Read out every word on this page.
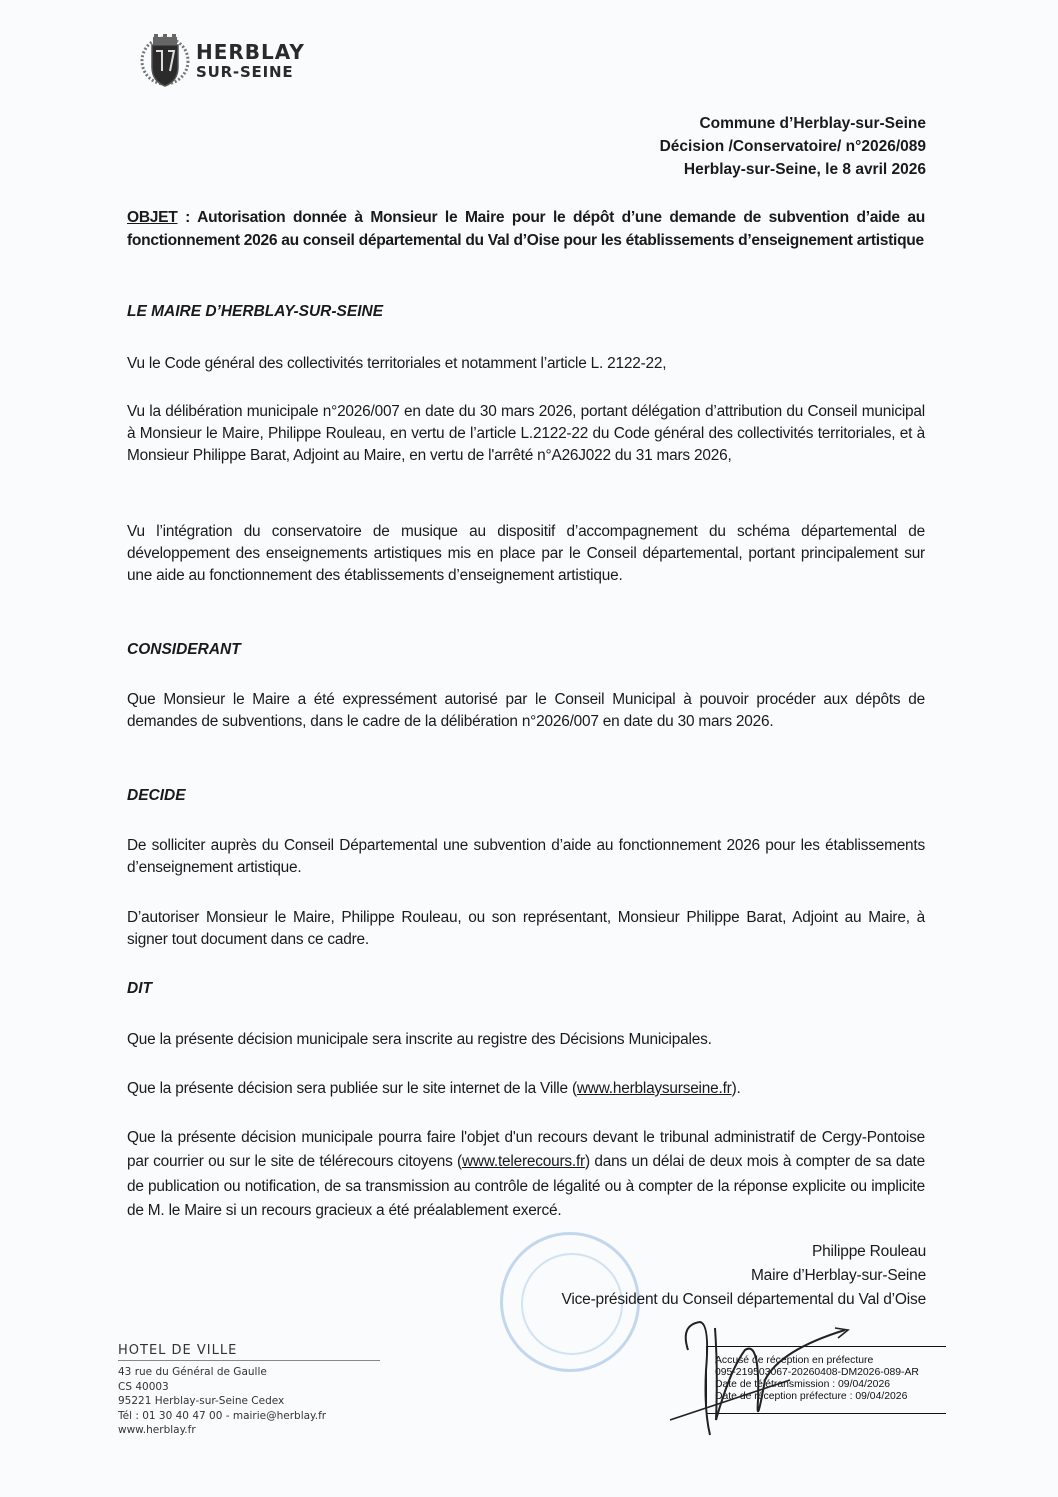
HERBLAY
SUR-SEINE
Commune d’Herblay-sur-Seine
Décision /Conservatoire/ n°2026/089
Herblay-sur-Seine, le 8 avril 2026
OBJET : Autorisation donnée à Monsieur le Maire pour le dépôt d’une demande de subvention d’aide au fonctionnement 2026 au conseil départemental du Val d’Oise pour les établissements d’enseignement artistique
LE MAIRE D’HERBLAY-SUR-SEINE
Vu le Code général des collectivités territoriales et notamment l’article L. 2122-22,
Vu la délibération municipale n°2026/007 en date du 30 mars 2026, portant délégation d’attribution du Conseil municipal à Monsieur le Maire, Philippe Rouleau, en vertu de l’article L.2122-22 du Code général des collectivités territoriales, et à Monsieur Philippe Barat, Adjoint au Maire, en vertu de l'arrêté n°A26J022 du 31 mars 2026,
Vu l’intégration du conservatoire de musique au dispositif d’accompagnement du schéma départemental de développement des enseignements artistiques mis en place par le Conseil départemental, portant principalement sur une aide au fonctionnement des établissements d’enseignement artistique.
CONSIDERANT
Que Monsieur le Maire a été expressément autorisé par le Conseil Municipal à pouvoir procéder aux dépôts de demandes de subventions, dans le cadre de la délibération n°2026/007 en date du 30 mars 2026.
DECIDE
De solliciter auprès du Conseil Départemental une subvention d’aide au fonctionnement 2026 pour les établissements d’enseignement artistique.
D’autoriser Monsieur le Maire, Philippe Rouleau, ou son représentant, Monsieur Philippe Barat, Adjoint au Maire, à signer tout document dans ce cadre.
DIT
Que la présente décision municipale sera inscrite au registre des Décisions Municipales.
Que la présente décision sera publiée sur le site internet de la Ville (www.herblaysurseine.fr).
Que la présente décision municipale pourra faire l'objet d'un recours devant le tribunal administratif de Cergy-Pontoise par courrier ou sur le site de télérecours citoyens (www.telerecours.fr) dans un délai de deux mois à compter de sa date de publication ou notification, de sa transmission au contrôle de légalité ou à compter de la réponse explicite ou implicite de M. le Maire si un recours gracieux a été préalablement exercé.
Philippe Rouleau
Maire d’Herblay-sur-Seine
Vice-président du Conseil départemental du Val d’Oise
Accusé de réception en préfecture
095-219503067-20260408-DM2026-089-AR
Date de télétransmission : 09/04/2026
Date de réception préfecture : 09/04/2026
HOTEL DE VILLE
43 rue du Général de Gaulle
CS 40003
95221 Herblay-sur-Seine Cedex
Tél : 01 30 40 47 00 - mairie@herblay.fr
www.herblay.fr
